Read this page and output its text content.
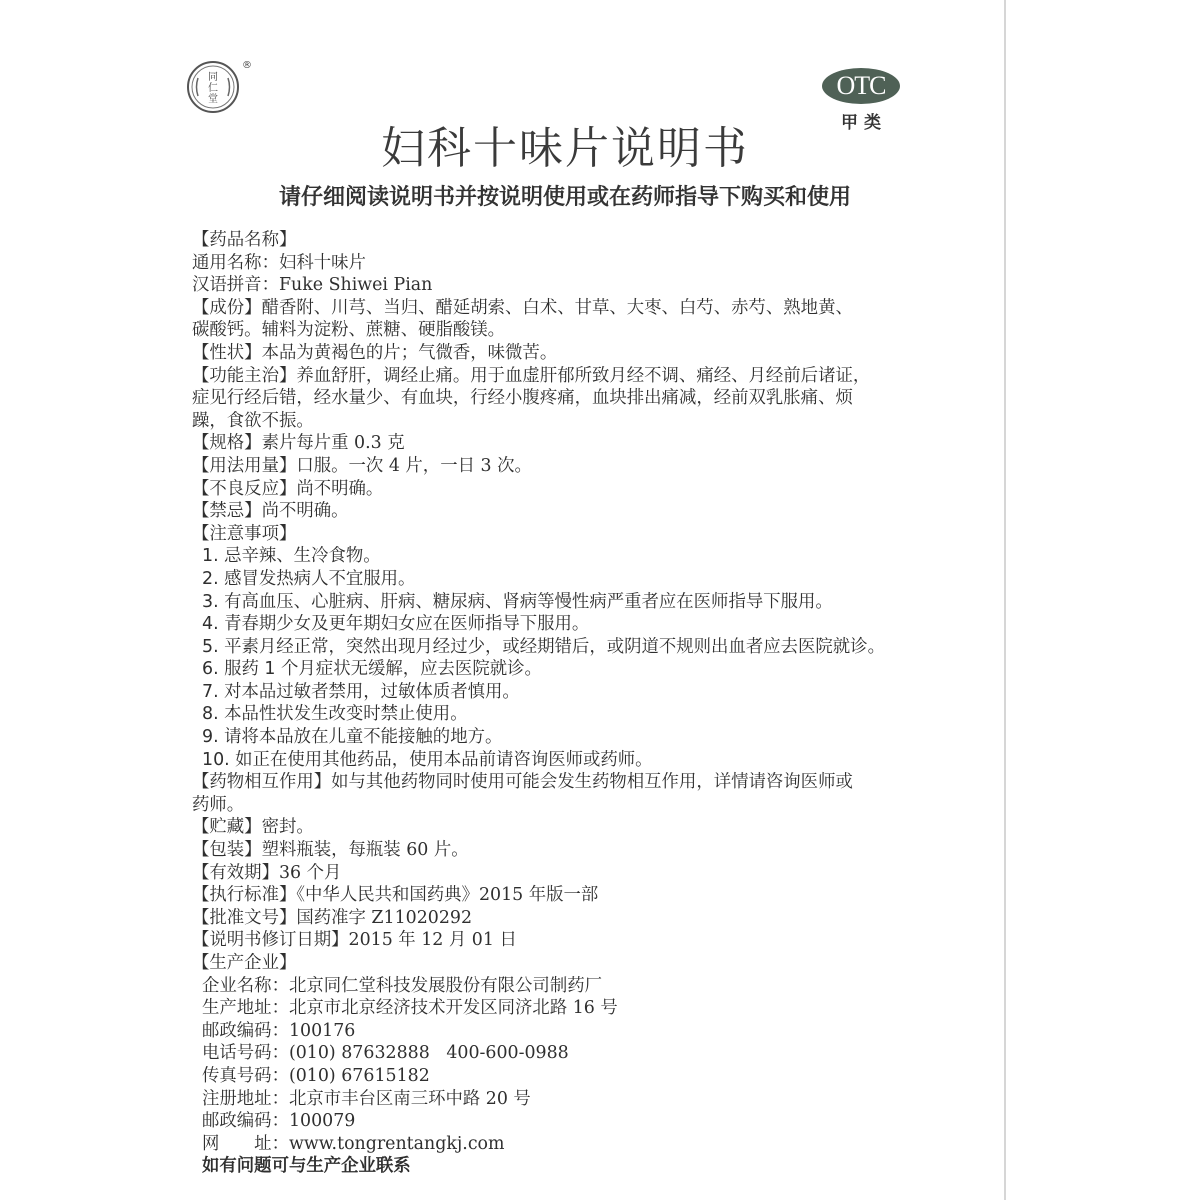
同
仁
堂
®
OTC
甲类
妇科十味片说明书
请仔细阅读说明书并按说明使用或在药师指导下购买和使用

【药品名称】

通用名称：妇科十味片

汉语拼音：Fuke Shiwei Pian

【成份】醋香附、川芎、当归、醋延胡索、白术、甘草、大枣、白芍、赤芍、熟地黄、

碳酸钙。辅料为淀粉、蔗糖、硬脂酸镁。

【性状】本品为黄褐色的片；气微香，味微苦。

【功能主治】养血舒肝，调经止痛。用于血虚肝郁所致月经不调、痛经、月经前后诸证，

症见行经后错，经水量少、有血块，行经小腹疼痛，血块排出痛减，经前双乳胀痛、烦

躁，食欲不振。

【规格】素片每片重 0.3 克

【用法用量】口服。一次 4 片，一日 3 次。

【不良反应】尚不明确。

【禁忌】尚不明确。

【注意事项】

1. 忌辛辣、生冷食物。

2. 感冒发热病人不宜服用。

3. 有高血压、心脏病、肝病、糖尿病、肾病等慢性病严重者应在医师指导下服用。

4. 青春期少女及更年期妇女应在医师指导下服用。

5. 平素月经正常，突然出现月经过少，或经期错后，或阴道不规则出血者应去医院就诊。

6. 服药 1 个月症状无缓解，应去医院就诊。

7. 对本品过敏者禁用，过敏体质者慎用。

8. 本品性状发生改变时禁止使用。

9. 请将本品放在儿童不能接触的地方。

10. 如正在使用其他药品，使用本品前请咨询医师或药师。

【药物相互作用】如与其他药物同时使用可能会发生药物相互作用，详情请咨询医师或

药师。

【贮藏】密封。

【包装】塑料瓶装，每瓶装 60 片。

【有效期】36 个月

【执行标准】《中华人民共和国药典》2015 年版一部

【批准文号】国药准字 Z11020292

【说明书修订日期】2015 年 12 月 01 日

【生产企业】

企业名称：北京同仁堂科技发展股份有限公司制药厂

生产地址：北京市北京经济技术开发区同济北路 16 号

邮政编码：100176

电话号码：(010) 87632888   400-600-0988

传真号码：(010) 67615182

注册地址：北京市丰台区南三环中路 20 号

邮政编码：100079

网　　址：www.tongrentangkj.com

如有问题可与生产企业联系
